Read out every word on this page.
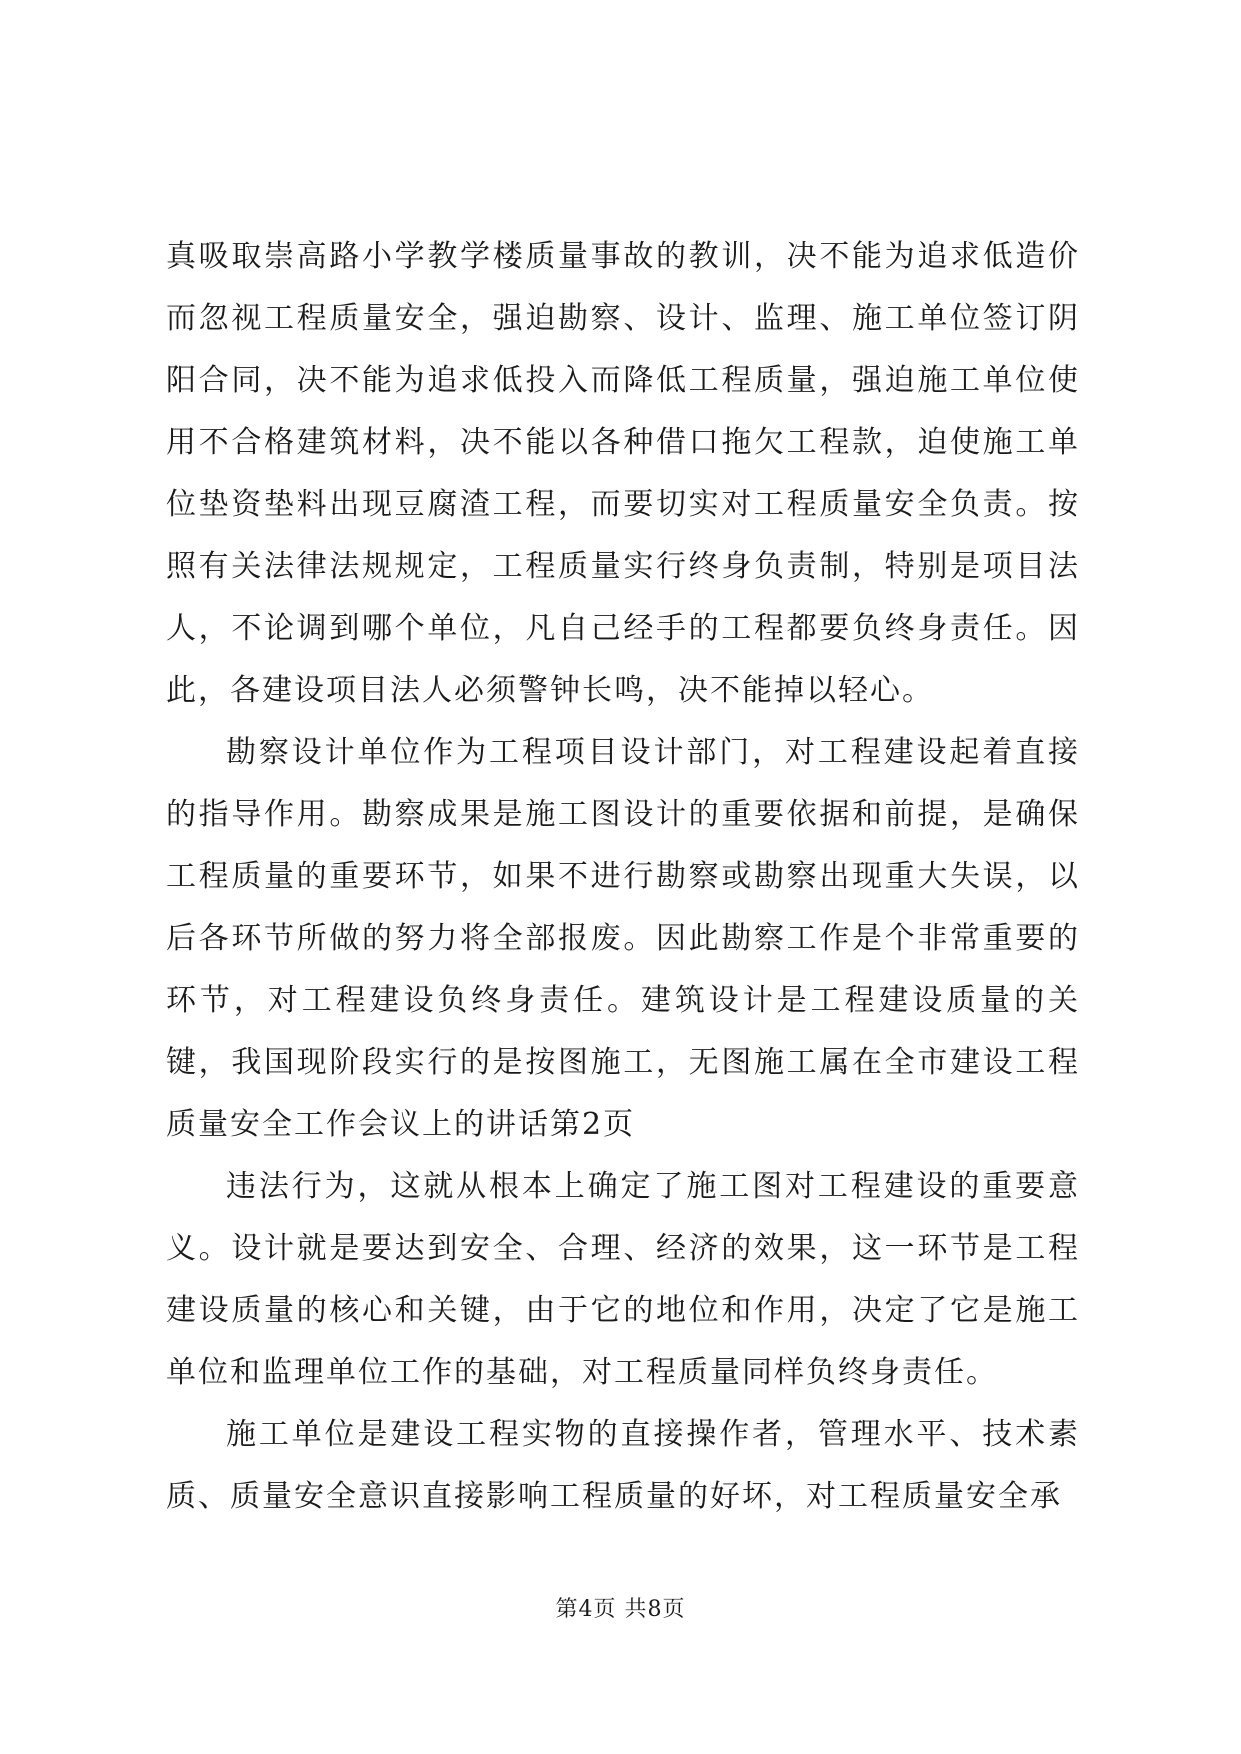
真吸取崇高路小学教学楼质量事故的教训，决不能为追求低造价而忽视工程质量安全，强迫勘察、设计、监理、施工单位签订阴阳合同，决不能为追求低投入而降低工程质量，强迫施工单位使用不合格建筑材料，决不能以各种借口拖欠工程款，迫使施工单位垫资垫料出现豆腐渣工程，而要切实对工程质量安全负责。按照有关法律法规规定，工程质量实行终身负责制，特别是项目法人，不论调到哪个单位，凡自己经手的工程都要负终身责任。因此，各建设项目法人必须警钟长鸣，决不能掉以轻心。

勘察设计单位作为工程项目设计部门，对工程建设起着直接的指导作用。勘察成果是施工图设计的重要依据和前提，是确保工程质量的重要环节，如果不进行勘察或勘察出现重大失误，以后各环节所做的努力将全部报废。因此勘察工作是个非常重要的环节，对工程建设负终身责任。建筑设计是工程建设质量的关键，我国现阶段实行的是按图施工，无图施工属在全市建设工程质量安全工作会议上的讲话第2页

违法行为，这就从根本上确定了施工图对工程建设的重要意义。设计就是要达到安全、合理、经济的效果，这一环节是工程建设质量的核心和关键，由于它的地位和作用，决定了它是施工单位和监理单位工作的基础，对工程质量同样负终身责任。

施工单位是建设工程实物的直接操作者，管理水平、技术素质、质量安全意识直接影响工程质量的好坏，对工程质量安全承

第4页 共8页
